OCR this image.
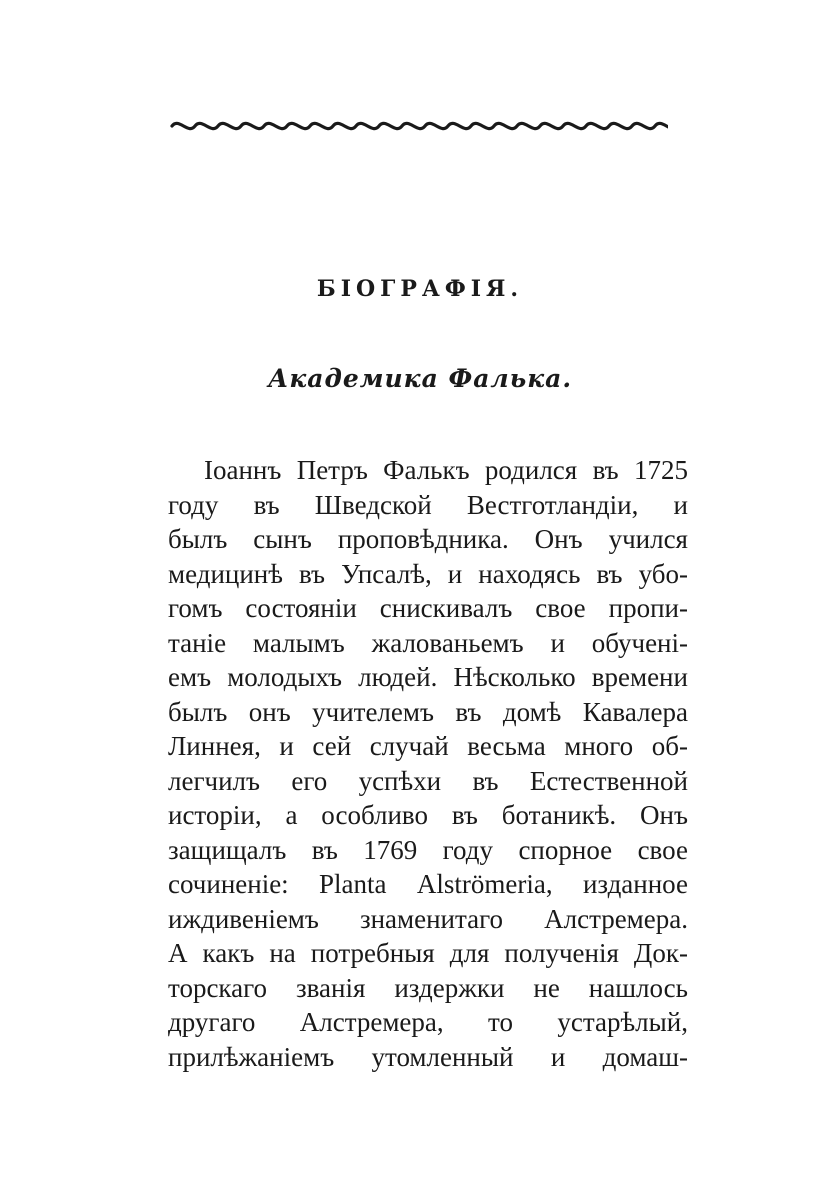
БІОГРАФІЯ.
Академика Фалька.
Іоаннъ Петръ Фалькъ родился въ 1725
году въ Шведской Вестготландіи, и
былъ сынъ проповѣдника. Онъ учился
медицинѣ въ Упсалѣ, и находясь въ убо-
гомъ состояніи снискивалъ свое пропи-
таніе малымъ жалованьемъ и обученi-
емъ молодыхъ людей. Нѣсколько времени
былъ онъ учителемъ въ домѣ Кавалера
Линнея, и сей случай весьма много об-
легчилъ его успѣхи въ Естественной
исторіи, а особливо въ ботаникѣ. Онъ
защищалъ въ 1769 году спорное свое
сочиненіе: Planta Alströmeria, изданное
иждивеніемъ знаменитаго Алстремера.
А какъ на потребныя для полученія Док-
торскаго званія издержки не нашлось
другаго Алстремера, то устарѣлый,
прилѣжаніемъ утомленный и домаш-
